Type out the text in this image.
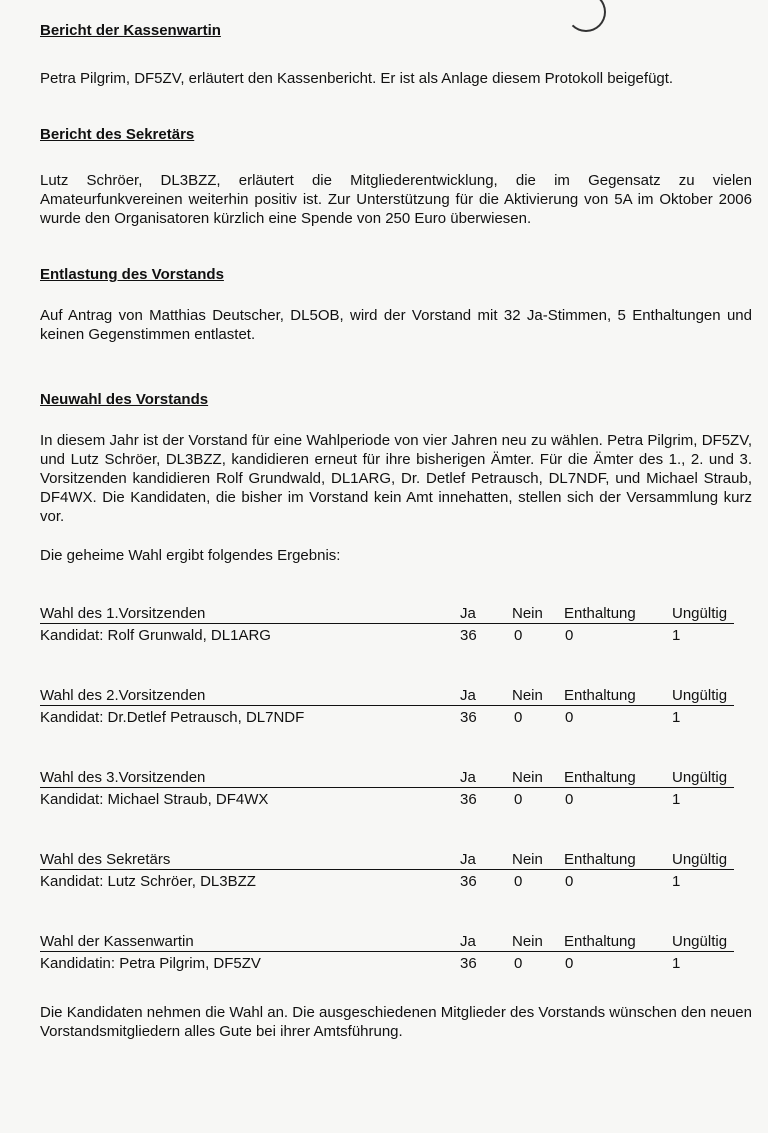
Bericht der Kassenwartin

Petra Pilgrim, DF5ZV, erläutert den Kassenbericht. Er ist als Anlage diesem Protokoll beigefügt.

Bericht des Sekretärs

Lutz Schröer, DL3BZZ, erläutert die Mitgliederentwicklung, die im Gegensatz zu vielen Amateurfunkvereinen weiterhin positiv ist. Zur Unterstützung für die Aktivierung von 5A im Oktober 2006 wurde den Organisatoren kürzlich eine Spende von 250 Euro überwiesen.

Entlastung des Vorstands

Auf Antrag von Matthias Deutscher, DL5OB, wird der Vorstand mit 32 Ja-Stimmen, 5 Enthaltungen und keinen Gegenstimmen entlastet.

Neuwahl des Vorstands

In diesem Jahr ist der Vorstand für eine Wahlperiode von vier Jahren neu zu wählen. Petra Pilgrim, DF5ZV, und Lutz Schröer, DL3BZZ, kandidieren erneut für ihre bisherigen Ämter. Für die Ämter des 1., 2. und 3. Vorsitzenden kandidieren Rolf Grundwald, DL1ARG, Dr. Detlef Petrausch, DL7NDF, und Michael Straub, DF4WX. Die Kandidaten, die bisher im Vorstand kein Amt innehatten, stellen sich der Versammlung kurz vor.

Die geheime Wahl ergibt folgendes Ergebnis:

Wahl des 1.Vorsitzenden	Ja Nein Enthaltung Ungültig
Kandidat: Rolf Grunwald, DL1ARG	36 0	0	1
Wahl des 2.Vorsitzenden	Ja Nein Enthaltung Ungültig
Kandidat: Dr.Detlef Petrausch, DL7NDF	36 0	0	1
Wahl des 3.Vorsitzenden	Ja Nein Enthaltung Ungültig
Kandidat: Michael Straub, DF4WX	36 0	0	1
Wahl des Sekretärs	Ja Nein Enthaltung Ungültig
Kandidat: Lutz Schröer, DL3BZZ	36 0	0	1
Wahl der Kassenwartin	Ja Nein Enthaltung Ungültig
Kandidatin: Petra Pilgrim, DF5ZV	36 0	0	1

Die Kandidaten nehmen die Wahl an. Die ausgeschiedenen Mitglieder des Vorstands wünschen den neuen Vorstandsmitgliedern alles Gute bei ihrer Amtsführung.
